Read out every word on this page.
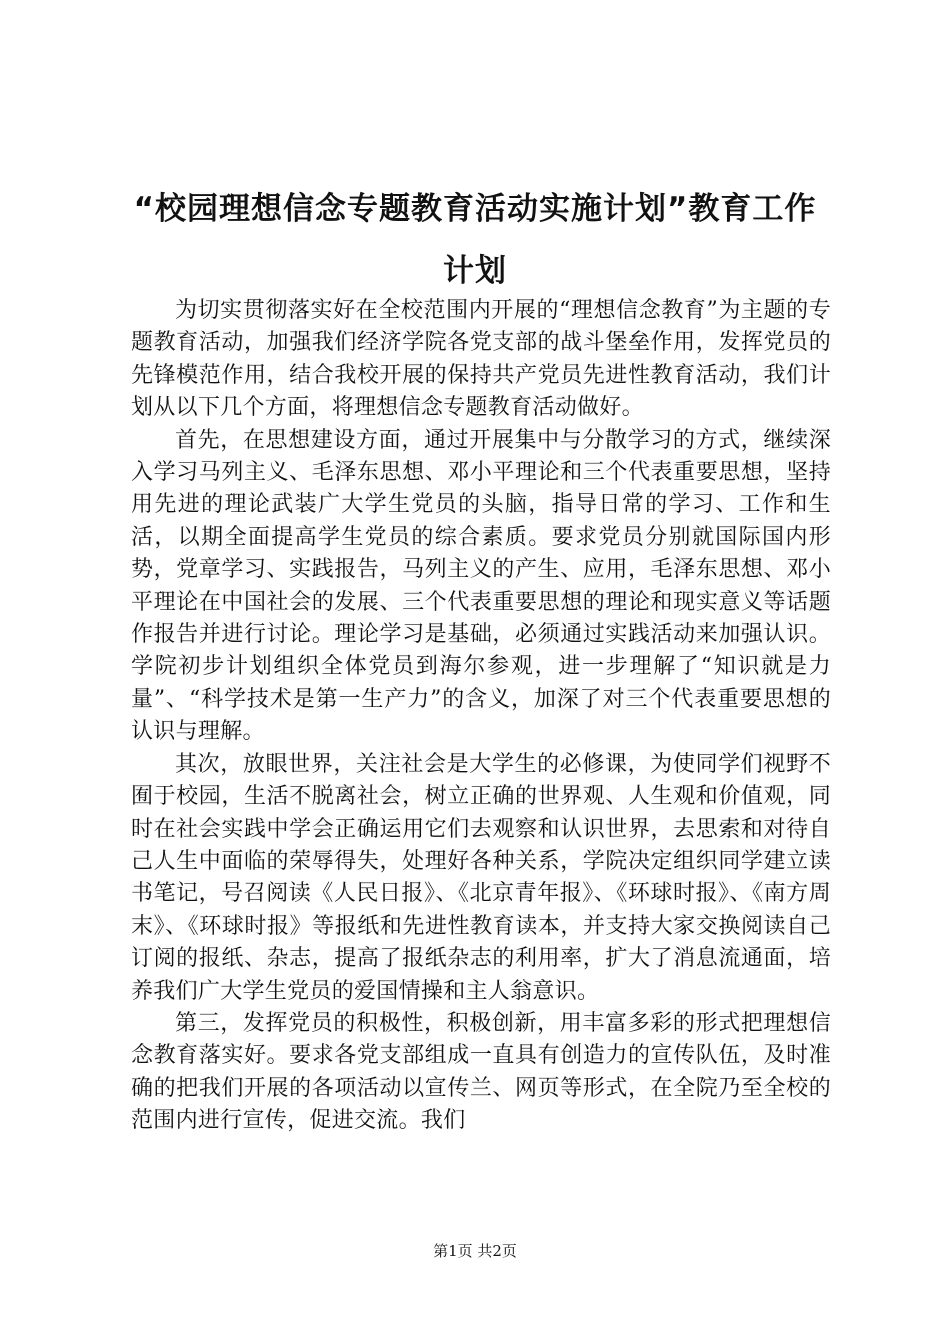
“校园理想信念专题教育活动实施计划”教育工作计划

为切实贯彻落实好在全校范围内开展的“理想信念教育”为主题的专题教育活动，加强我们经济学院各党支部的战斗堡垒作用，发挥党员的先锋模范作用，结合我校开展的保持共产党员先进性教育活动，我们计划从以下几个方面，将理想信念专题教育活动做好。

首先，在思想建设方面，通过开展集中与分散学习的方式，继续深入学习马列主义、毛泽东思想、邓小平理论和三个代表重要思想，坚持用先进的理论武装广大学生党员的头脑，指导日常的学习、工作和生活，以期全面提高学生党员的综合素质。要求党员分别就国际国内形势，党章学习、实践报告，马列主义的产生、应用，毛泽东思想、邓小平理论在中国社会的发展、三个代表重要思想的理论和现实意义等话题作报告并进行讨论。理论学习是基础，必须通过实践活动来加强认识。学院初步计划组织全体党员到海尔参观，进一步理解了“知识就是力量”、“科学技术是第一生产力”的含义，加深了对三个代表重要思想的认识与理解。

其次，放眼世界，关注社会是大学生的必修课，为使同学们视野不囿于校园，生活不脱离社会，树立正确的世界观、人生观和价值观，同时在社会实践中学会正确运用它们去观察和认识世界，去思索和对待自己人生中面临的荣辱得失，处理好各种关系，学院决定组织同学建立读书笔记，号召阅读《人民日报》、《北京青年报》、《环球时报》、《南方周末》、《环球时报》等报纸和先进性教育读本，并支持大家交换阅读自己订阅的报纸、杂志，提高了报纸杂志的利用率，扩大了消息流通面，培养我们广大学生党员的爱国情操和主人翁意识。

第三，发挥党员的积极性，积极创新，用丰富多彩的形式把理想信念教育落实好。要求各党支部组成一直具有创造力的宣传队伍，及时准确的把我们开展的各项活动以宣传兰、网页等形式，在全院乃至全校的范围内进行宣传，促进交流。我们

第1页 共2页
